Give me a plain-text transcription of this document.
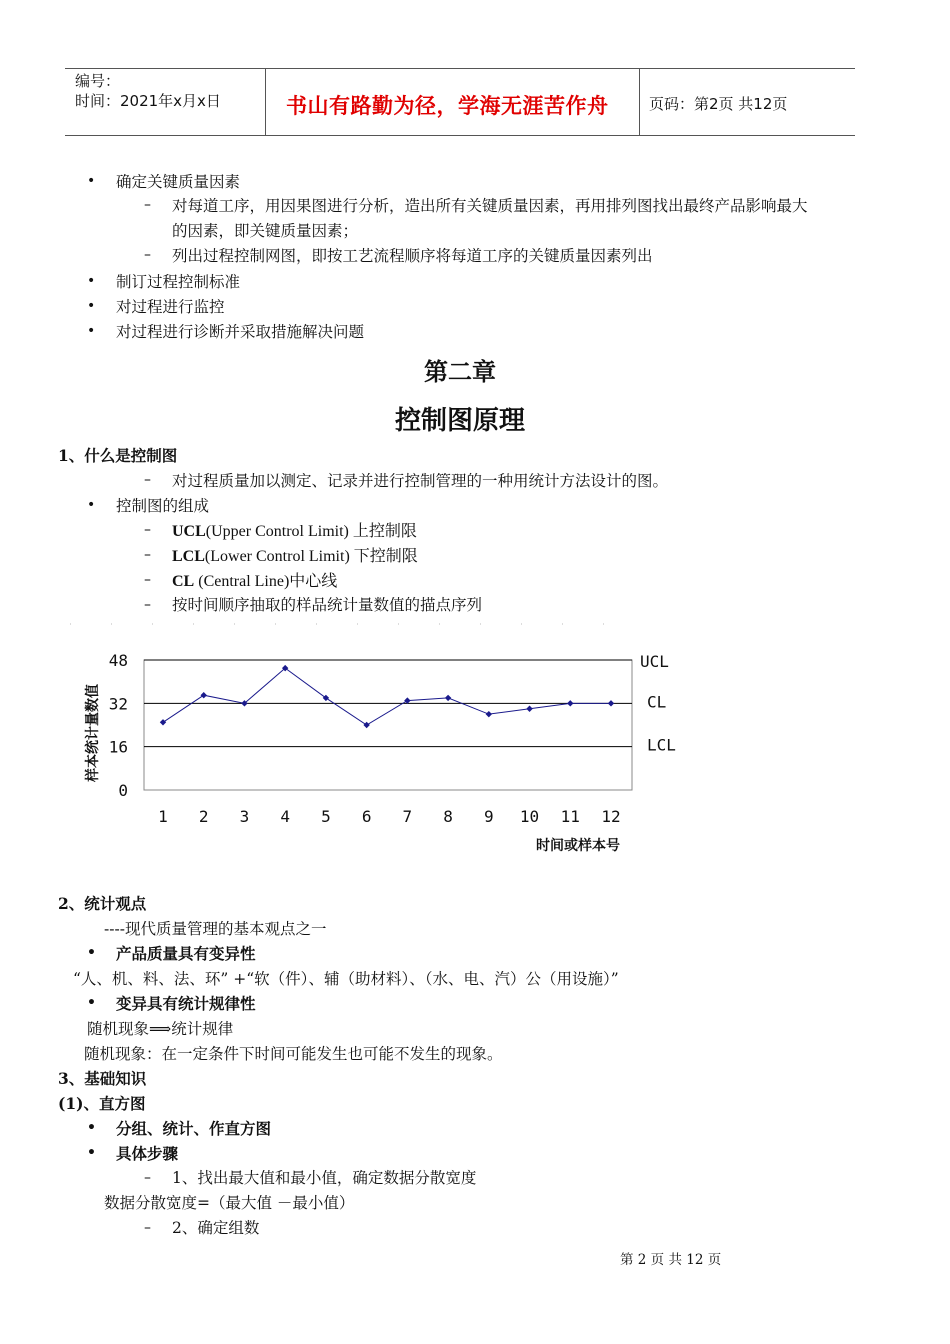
编号：
时间：2021年x月x日	书山有路勤为径，学海无涯苦作舟	页码：第2页 共12页
• 确定关键质量因素
– 对每道工序，用因果图进行分析，造出所有关键质量因素，再用排列图找出最终产品影响最大
的因素，即关键质量因素；
– 列出过程控制网图，即按工艺流程顺序将每道工序的关键质量因素列出
• 制订过程控制标准
• 对过程进行监控
• 对过程进行诊断并采取措施解决问题
第二章
控制图原理
1、什么是控制图
– 对过程质量加以测定、记录并进行控制管理的一种用统计方法设计的图。
• 控制图的组成
– UCL(Upper Control Limit) 上控制限
– LCL(Lower Control Limit) 下控制限
– CL (Central Line)中心线
– 按时间顺序抽取的样品统计量数值的描点序列
0
16
32
48
1 2 3 4 5 6 7 8 9 10 11 12
UCL
CL
LCL
样本统计量数值
时间或样本号
2、统计观点
----现代质量管理的基本观点之一
• 产品质量具有变异性
“人、机、料、法、环” +“软（件）、辅（助材料）、（水、电、汽）公（用设施）”
• 变异具有统计规律性
随机现象⟹统计规律
随机现象：在一定条件下时间可能发生也可能不发生的现象。
3、基础知识
(1)、直方图
• 分组、统计、作直方图
• 具体步骤
– 1、找出最大值和最小值，确定数据分散宽度
数据分散宽度=（最大值 －最小值）
– 2、确定组数
第 2 页 共 12 页
